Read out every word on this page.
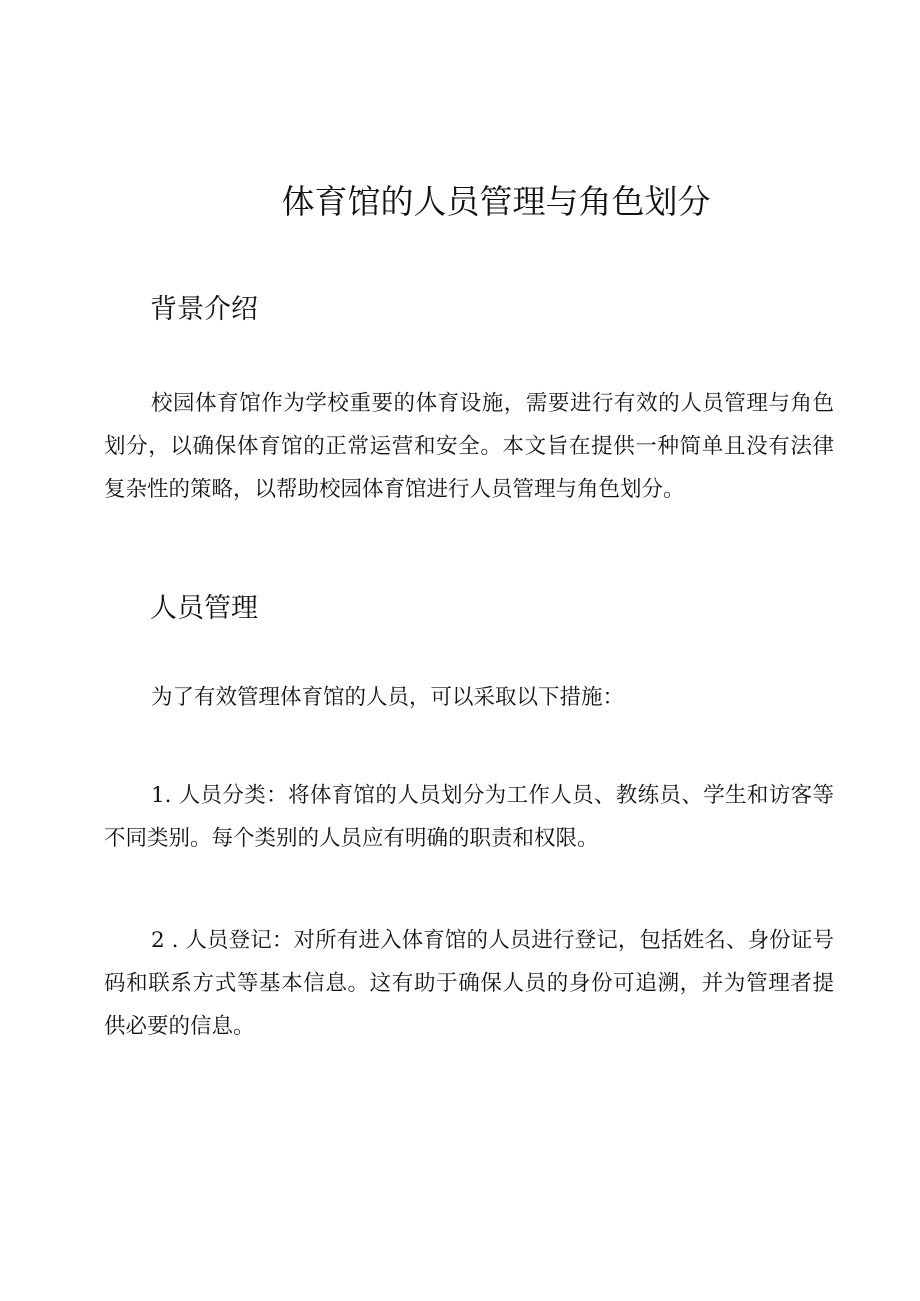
体育馆的人员管理与角色划分
背景介绍

校园体育馆作为学校重要的体育设施，需要进行有效的人员管理与角色划分，以确保体育馆的正常运营和安全。本文旨在提供一种简单且没有法律复杂性的策略，以帮助校园体育馆进行人员管理与角色划分。

人员管理

为了有效管理体育馆的人员，可以采取以下措施：

1. 人员分类：将体育馆的人员划分为工作人员、教练员、学生和访客等不同类别。每个类别的人员应有明确的职责和权限。

2 . 人员登记：对所有进入体育馆的人员进行登记，包括姓名、身份证号码和联系方式等基本信息。这有助于确保人员的身份可追溯，并为管理者提供必要的信息。
